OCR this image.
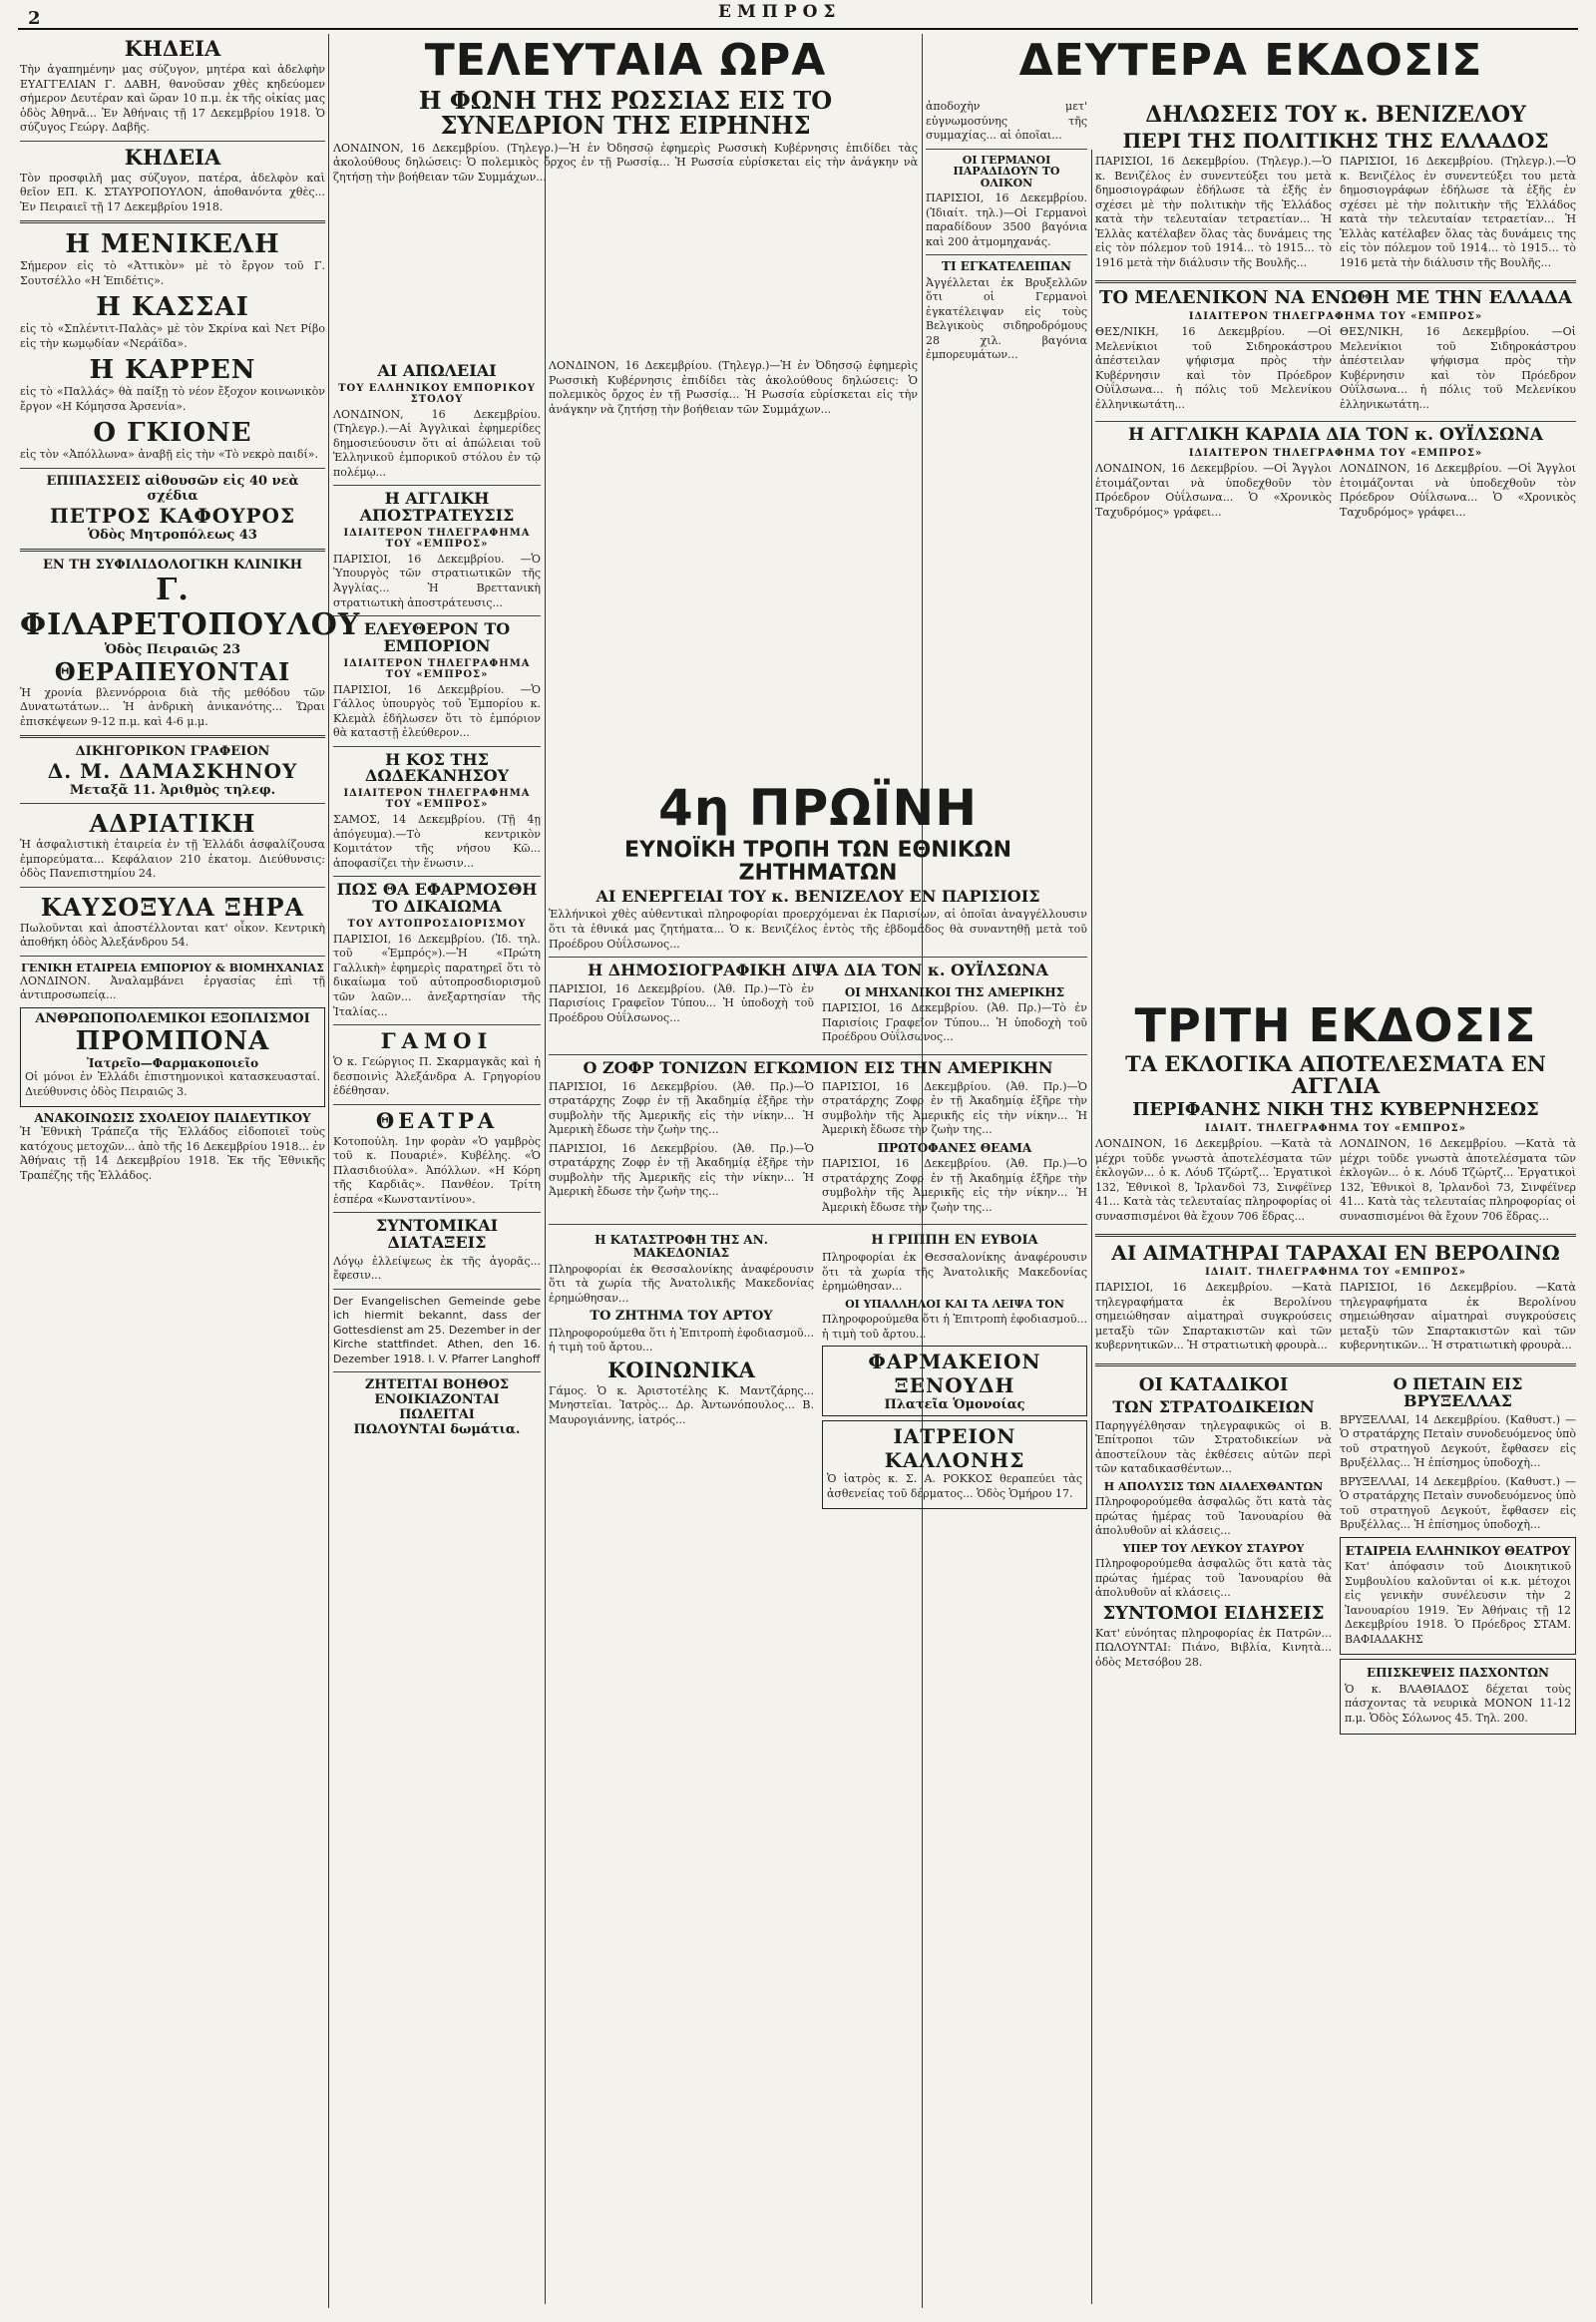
2	ΕΜΠΡΟΣ
ΚΗΔΕΙΑ

Τὴν ἀγαπημένην μας σύζυγον, μητέρα καὶ ἀδελφὴν ΕΥΑΓΓΕΛΙΑΝ Γ. ΔΑΒΗ, θανοῦσαν χθὲς κηδεύομεν σήμερον Δευτέραν καὶ ὥραν 10 π.μ. ἐκ τῆς οἰκίας μας ὁδὸς Ἀθηνᾶ... Ἐν Ἀθήναις τῇ 17 Δεκεμβρίου 1918. Ὁ σύζυγος Γεώργ. Δαβῆς.

ΚΗΔΕΙΑ

Τὸν προσφιλῆ μας σύζυγον, πατέρα, ἀδελφὸν καὶ θεῖον ΕΠ. Κ. ΣΤΑΥΡΟΠΟΥΛΟΝ, ἀποθανόντα χθὲς... Ἐν Πειραιεῖ τῇ 17 Δεκεμβρίου 1918.

Η ΜΕΝΙΚΕΛΗ

Σήμερον εἰς τὸ «Ἀττικὸν» μὲ τὸ ἔργον τοῦ Γ. Σουτσέλλο «Η Ἐπιδέτις».

Η ΚΑΣΣΑΙ

εἰς τὸ «Σπλέντιτ-Παλὰς» μὲ τὸν Σκρίνα καὶ Νετ Ρίβο εἰς τὴν κωμῳδίαν «Νεράϊδα».

Η ΚΑΡΡΕΝ

εἰς τὸ «Παλλάς» θὰ παίξῃ τὸ νέον ἔξοχον κοινωνικὸν ἔργον «Η Κόμησσα Ἀρσενία».

Ο ΓΚΙΟΝΕ

εἰς τὸν «Ἀπόλλωνα» ἀναβῇ εἰς τὴν «Τὸ νεκρὸ παιδί».

ΕΠΙΠΑΣΣΕΙΣ αἰθουσῶν εἰς 40 νεὰ σχέδια
ΠΕΤΡΟΣ ΚΑΦΟΥΡΟΣ
Ὁδὸς Μητροπόλεως 43
ΕΝ ΤΗ ΣΥΦΙΛΙΔΟΛΟΓΙΚΗ ΚΛΙΝΙΚΗ
Γ. ΦΙΛΑΡΕΤΟΠΟΥΛΟΥ
Ὁδὸς Πειραιῶς 23
ΘΕΡΑΠΕΥΟΝΤΑΙ

Ἡ χρονία βλεννόρροια διὰ τῆς μεθόδου τῶν Δυνατωτάτων... Ἡ ἀνδρικὴ ἀνικανότης... Ὥραι ἐπισκέψεων 9-12 π.μ. καὶ 4-6 μ.μ.

ΔΙΚΗΓΟΡΙΚΟΝ ΓΡΑΦΕΙΟΝ
Δ. Μ. ΔΑΜΑΣΚΗΝΟΥ
Μεταξᾶ 11. Ἀριθμὸς τηλεφ.
ΑΔΡΙΑΤΙΚΗ

Ἡ ἀσφαλιστικὴ ἑταιρεία ἐν τῇ Ἑλλάδι ἀσφαλίζουσα ἐμπορεύματα... Κεφάλαιον 210 ἑκατομ. Διεύθυνσις: ὁδὸς Πανεπιστημίου 24.

ΚΑΥΣΟΞΥΛΑ ΞΗΡΑ

Πωλοῦνται καὶ ἀποστέλλονται κατ' οἶκον. Κεντρικὴ ἀποθήκη ὁδὸς Ἀλεξάνδρου 54.

ΓΕΝΙΚΗ ΕΤΑΙΡΕΙΑ ΕΜΠΟΡΙΟΥ & ΒΙΟΜΗΧΑΝΙΑΣ

ΛΟΝΔΙΝΟΝ. Ἀναλαμβάνει ἐργασίας ἐπὶ τῇ ἀντιπροσωπείᾳ...

ΑΝΘΡΩΠΟΠΟΛΕΜΙΚΟΙ ΕΞΟΠΛΙΣΜΟΙ
ΠΡΟΜΠΟΝΑ
Ἰατρεῖο—Φαρμακοποιεῖο

Οἱ μόνοι ἐν Ἑλλάδι ἐπιστημονικοὶ κατασκευασταί. Διεύθυνσις ὁδὸς Πειραιῶς 3.

ΑΝΑΚΟΙΝΩΣΙΣ ΣΧΟΛΕΙΟΥ ΠΑΙΔΕΥΤΙΚΟΥ

Ἡ Ἐθνικὴ Τράπεζα τῆς Ἑλλάδος εἰδοποιεῖ τοὺς κατόχους μετοχῶν... ἀπὸ τῆς 16 Δεκεμβρίου 1918... ἐν Ἀθήναις τῇ 14 Δεκεμβρίου 1918. Ἐκ τῆς Ἐθνικῆς Τραπέζης τῆς Ἑλλάδος.

ΤΕΛΕΥΤΑΙΑ ΩΡΑ
Η ΦΩΝΗ ΤΗΣ ΡΩΣΣΙΑΣ ΕΙΣ ΤΟ ΣΥΝΕΔΡΙΟΝ ΤΗΣ ΕΙΡΗΝΗΣ

ΛΟΝΔΙΝΟΝ, 16 Δεκεμβρίου. (Τηλεγρ.)—Ἡ ἐν Ὀδησσῷ ἐφημερὶς Ρωσσικὴ Κυβέρνησις ἐπιδίδει τὰς ἀκολούθους δηλώσεις: Ὁ πολεμικὸς ὄρχος ἐν τῇ Ρωσσίᾳ... Ἡ Ρωσσία εὑρίσκεται εἰς τὴν ἀνάγκην νὰ ζητήσῃ τὴν βοήθειαν τῶν Συμμάχων...

ΑΙ ΑΠΩΛΕΙΑΙ
ΤΟΥ ΕΛΛΗΝΙΚΟΥ ΕΜΠΟΡΙΚΟΥ ΣΤΟΛΟΥ

ΛΟΝΔΙΝΟΝ, 16 Δεκεμβρίου. (Τηλεγρ.).—Αἱ Ἀγγλικαὶ ἐφημερίδες δημοσιεύουσιν ὅτι αἱ ἀπώλειαι τοῦ Ἑλληνικοῦ ἐμπορικοῦ στόλου ἐν τῷ πολέμῳ...

Η ΑΓΓΛΙΚΗ ΑΠΟΣΤΡΑΤΕΥΣΙΣ
ΙΔΙΑΙΤΕΡΟΝ ΤΗΛΕΓΡΑΦΗΜΑ ΤΟΥ «ΕΜΠΡΟΣ»

ΠΑΡΙΣΙΟΙ, 16 Δεκεμβρίου. —Ὁ Ὑπουργὸς τῶν στρατιωτικῶν τῆς Ἀγγλίας... Ἡ Βρεττανικὴ στρατιωτικὴ ἀποστράτευσις...

ΕΛΕΥΘΕΡΟΝ ΤΟ ΕΜΠΟΡΙΟΝ
ΙΔΙΑΙΤΕΡΟΝ ΤΗΛΕΓΡΑΦΗΜΑ ΤΟΥ «ΕΜΠΡΟΣ»

ΠΑΡΙΣΙΟΙ, 16 Δεκεμβρίου. —Ὁ Γάλλος ὑπουργὸς τοῦ Ἐμπορίου κ. Κλεμὰλ ἐδήλωσεν ὅτι τὸ ἐμπόριον θὰ καταστῇ ἐλεύθερον...

Η ΚΟΣ ΤΗΣ ΔΩΔΕΚΑΝΗΣΟΥ
ΙΔΙΑΙΤΕΡΟΝ ΤΗΛΕΓΡΑΦΗΜΑ ΤΟΥ «ΕΜΠΡΟΣ»

ΣΑΜΟΣ, 14 Δεκεμβρίου. (Τῇ 4ῃ ἀπόγευμα).—Τὸ κεντρικὸν Κομιτάτον τῆς νήσου Κῶ... ἀποφασίζει τὴν ἕνωσιν...

ΠΩΣ ΘΑ ΕΦΑΡΜΟΣΘΗ ΤΟ ΔΙΚΑΙΩΜΑ
ΤΟΥ ΑΥΤΟΠΡΟΣΔΙΟΡΙΣΜΟΥ

ΠΑΡΙΣΙΟΙ, 16 Δεκεμβρίου. (Ἰδ. τηλ. τοῦ «Ἐμπρός»).—Ἡ «Πρώτη Γαλλικὴ» ἐφημερὶς παρατηρεῖ ὅτι τὸ δικαίωμα τοῦ αὐτοπροσδιορισμοῦ τῶν λαῶν... ἀνεξαρτησίαν τῆς Ἰταλίας...

ΓΑΜΟΙ

Ὁ κ. Γεώργιος Π. Σκαρμαγκᾶς καὶ ἡ δεσποινὶς Ἀλεξάνδρα Α. Γρηγορίου ἐδέθησαν.

ΘΕΑΤΡΑ

Κοτοπούλη. 1ην φορὰν «Ὁ γαμβρὸς τοῦ κ. Πουαριέ». Κυβέλης. «Ὁ Πλασιδιούλα». Ἀπόλλων. «Η Κόρη τῆς Καρδιᾶς». Πανθέον. Τρίτη ἑσπέρα «Κωνσταντίνου».

ΣΥΝΤΟΜΙΚΑΙ ΔΙΑΤΑΞΕΙΣ

Λόγῳ ἐλλείψεως ἐκ τῆς ἀγορᾶς... ἔφεσιν...

Der Evangelischen Gemeinde gebe ich hiermit bekannt, dass der Gottesdienst am 25. Dezember in der Kirche stattfindet. Athen, den 16. Dezember 1918. I. V. Pfarrer Langhoff

ΖΗΤΕΙΤΑΙ ΒΟΗΘΟΣ
ΕΝΟΙΚΙΑΖΟΝΤΑΙ
ΠΩΛΕΙΤΑΙ
ΠΩΛΟΥΝΤΑΙ δωμάτια.

ΛΟΝΔΙΝΟΝ, 16 Δεκεμβρίου. (Τηλεγρ.)—Ἡ ἐν Ὀδησσῷ ἐφημερὶς Ρωσσικὴ Κυβέρνησις ἐπιδίδει τὰς ἀκολούθους δηλώσεις: Ὁ πολεμικὸς ὄρχος ἐν τῇ Ρωσσίᾳ... Ἡ Ρωσσία εὑρίσκεται εἰς τὴν ἀνάγκην νὰ ζητήσῃ τὴν βοήθειαν τῶν Συμμάχων...

4η ΠΡΩΪΝΗ
ΕΥΝΟΪΚΗ ΤΡΟΠΗ ΤΩΝ ΕΘΝΙΚΩΝ ΖΗΤΗΜΑΤΩΝ
ΑΙ ΕΝΕΡΓΕΙΑΙ ΤΟΥ κ. ΒΕΝΙΖΕΛΟΥ ΕΝ ΠΑΡΙΣΙΟΙΣ

Ἑλλήνικοὶ χθὲς αὐθεντικαὶ πληροφορίαι προερχόμεναι ἐκ Παρισίων, αἱ ὁποῖαι ἀναγγέλλουσιν ὅτι τὰ ἐθνικά μας ζητήματα... Ὁ κ. Βενιζέλος ἐντὸς τῆς ἐβδομάδος θὰ συναντηθῇ μετὰ τοῦ Προέδρου Οὐΐλσωνος...

Η ΔΗΜΟΣΙΟΓΡΑΦΙΚΗ ΔΙΨΑ ΔΙΑ ΤΟΝ κ. ΟΥΪΛΣΩΝΑ

ΠΑΡΙΣΙΟΙ, 16 Δεκεμβρίου. (Ἀθ. Πρ.)—Τὸ ἐν Παρισίοις Γραφεῖον Τύπου... Ἡ ὑποδοχὴ τοῦ Προέδρου Οὐΐλσωνος...

ΟΙ ΜΗΧΑΝΙΚΟΙ ΤΗΣ ΑΜΕΡΙΚΗΣ

ΠΑΡΙΣΙΟΙ, 16 Δεκεμβρίου. (Ἀθ. Πρ.)—Τὸ ἐν Παρισίοις Γραφεῖον Τύπου... Ἡ ὑποδοχὴ τοῦ Προέδρου Οὐΐλσωνος...

Ο ΖΟΦΡ ΤΟΝΙΖΩΝ ΕΓΚΩΜΙΟΝ ΕΙΣ ΤΗΝ ΑΜΕΡΙΚΗΝ

ΠΑΡΙΣΙΟΙ, 16 Δεκεμβρίου. (Ἀθ. Πρ.)—Ὁ στρατάρχης Ζοφρ ἐν τῇ Ἀκαδημίᾳ ἐξῆρε τὴν συμβολὴν τῆς Ἀμερικῆς εἰς τὴν νίκην... Ἡ Ἀμερικὴ ἔδωσε τὴν ζωὴν της...

ΠΑΡΙΣΙΟΙ, 16 Δεκεμβρίου. (Ἀθ. Πρ.)—Ὁ στρατάρχης Ζοφρ ἐν τῇ Ἀκαδημίᾳ ἐξῆρε τὴν συμβολὴν τῆς Ἀμερικῆς εἰς τὴν νίκην... Ἡ Ἀμερικὴ ἔδωσε τὴν ζωὴν της...

ΠΑΡΙΣΙΟΙ, 16 Δεκεμβρίου. (Ἀθ. Πρ.)—Ὁ στρατάρχης Ζοφρ ἐν τῇ Ἀκαδημίᾳ ἐξῆρε τὴν συμβολὴν τῆς Ἀμερικῆς εἰς τὴν νίκην... Ἡ Ἀμερικὴ ἔδωσε τὴν ζωὴν της...

ΠΡΩΤΟΦΑΝΕΣ ΘΕΑΜΑ

ΠΑΡΙΣΙΟΙ, 16 Δεκεμβρίου. (Ἀθ. Πρ.)—Ὁ στρατάρχης Ζοφρ ἐν τῇ Ἀκαδημίᾳ ἐξῆρε τὴν συμβολὴν τῆς Ἀμερικῆς εἰς τὴν νίκην... Ἡ Ἀμερικὴ ἔδωσε τὴν ζωὴν της...

Η ΚΑΤΑΣΤΡΟΦΗ ΤΗΣ ΑΝ. ΜΑΚΕΔΟΝΙΑΣ

Πληροφορίαι ἐκ Θεσσαλονίκης ἀναφέρουσιν ὅτι τὰ χωρία τῆς Ἀνατολικῆς Μακεδονίας ἐρημώθησαν...

ΤΟ ΖΗΤΗΜΑ ΤΟΥ ΑΡΤΟΥ

Πληροφορούμεθα ὅτι ἡ Ἐπιτροπὴ ἐφοδιασμοῦ... ἡ τιμὴ τοῦ ἄρτου...

ΚΟΙΝΩΝΙΚΑ

Γάμος. Ὁ κ. Ἀριστοτέλης Κ. Μαντζάρης... Μνηστεῖαι. Ἰατρὸς... Δρ. Ἀντωνόπουλος... Β. Μαυρογιάννης, ἰατρός...

Η ΓΡΙΠΠΗ ΕΝ ΕΥΒΟΙΑ

Πληροφορίαι ἐκ Θεσσαλονίκης ἀναφέρουσιν ὅτι τὰ χωρία τῆς Ἀνατολικῆς Μακεδονίας ἐρημώθησαν...

ΟΙ ΥΠΑΛΛΗΛΟΙ ΚΑΙ ΤΑ ΛΕΙΨΑ ΤΟΝ

Πληροφορούμεθα ὅτι ἡ Ἐπιτροπὴ ἐφοδιασμοῦ... ἡ τιμὴ τοῦ ἄρτου...

ΦΑΡΜΑΚΕΙΟΝ ΞΕΝΟΥΔΗ
Πλατεῖα Ὁμονοίας
ΙΑΤΡΕΙΟΝ ΚΑΛΛΟΝΗΣ

Ὁ ἰατρὸς κ. Σ. Α. ΡΟΚΚΟΣ θεραπεύει τὰς ἀσθενείας τοῦ δέρματος... Ὁδὸς Ὁμήρου 17.

ΔΕΥΤΕΡΑ ΕΚΔΟΣΙΣ

ἀποδοχὴν μετ' εὐγνωμοσύνης τῆς συμμαχίας... αἱ ὁποῖαι...

ΟΙ ΓΕΡΜΑΝΟΙ ΠΑΡΑΔΙΔΟΥΝ ΤΟ ΟΛΙΚΟΝ

ΠΑΡΙΣΙΟΙ, 16 Δεκεμβρίου. (Ἰδιαίτ. τηλ.)—Οἱ Γερμανοὶ παραδίδουν 3500 βαγόνια καὶ 200 ἀτμομηχανάς.

ΤΙ ΕΓΚΑΤΕΛΕΙΠΑΝ

Ἀγγέλλεται ἐκ Βρυξελλῶν ὅτι οἱ Γερμανοὶ ἐγκατέλειψαν εἰς τοὺς Βελγικοὺς σιδηροδρόμους 28 χιλ. βαγόνια ἐμπορευμάτων...

ΔΗΛΩΣΕΙΣ ΤΟΥ κ. ΒΕΝΙΖΕΛΟΥ
ΠΕΡΙ ΤΗΣ ΠΟΛΙΤΙΚΗΣ ΤΗΣ ΕΛΛΑΔΟΣ

ΠΑΡΙΣΙΟΙ, 16 Δεκεμβρίου. (Τηλεγρ.).—Ὁ κ. Βενιζέλος ἐν συνεντεύξει του μετὰ δημοσιογράφων ἐδήλωσε τὰ ἑξῆς ἐν σχέσει μὲ τὴν πολιτικὴν τῆς Ἑλλάδος κατὰ τὴν τελευταίαν τετραετίαν... Ἡ Ἑλλὰς κατέλαβεν ὅλας τὰς δυνάμεις της εἰς τὸν πόλεμον τοῦ 1914... τὸ 1915... τὸ 1916 μετὰ τὴν διάλυσιν τῆς Βουλῆς...

ΠΑΡΙΣΙΟΙ, 16 Δεκεμβρίου. (Τηλεγρ.).—Ὁ κ. Βενιζέλος ἐν συνεντεύξει του μετὰ δημοσιογράφων ἐδήλωσε τὰ ἑξῆς ἐν σχέσει μὲ τὴν πολιτικὴν τῆς Ἑλλάδος κατὰ τὴν τελευταίαν τετραετίαν... Ἡ Ἑλλὰς κατέλαβεν ὅλας τὰς δυνάμεις της εἰς τὸν πόλεμον τοῦ 1914... τὸ 1915... τὸ 1916 μετὰ τὴν διάλυσιν τῆς Βουλῆς...

ΤΟ ΜΕΛΕΝΙΚΟΝ ΝΑ ΕΝΩΘΗ ΜΕ ΤΗΝ ΕΛΛΑΔΑ
ΙΔΙΑΙΤΕΡΟΝ ΤΗΛΕΓΡΑΦΗΜΑ ΤΟΥ «ΕΜΠΡΟΣ»

ΘΕΣ/ΝΙΚΗ, 16 Δεκεμβρίου. —Οἱ Μελενίκιοι τοῦ Σιδηροκάστρου ἀπέστειλαν ψήφισμα πρὸς τὴν Κυβέρνησιν καὶ τὸν Πρόεδρον Οὐΐλσωνα... ἡ πόλις τοῦ Μελενίκου ἐλληνικωτάτη...

ΘΕΣ/ΝΙΚΗ, 16 Δεκεμβρίου. —Οἱ Μελενίκιοι τοῦ Σιδηροκάστρου ἀπέστειλαν ψήφισμα πρὸς τὴν Κυβέρνησιν καὶ τὸν Πρόεδρον Οὐΐλσωνα... ἡ πόλις τοῦ Μελενίκου ἐλληνικωτάτη...

Η ΑΓΓΛΙΚΗ ΚΑΡΔΙΑ ΔΙΑ ΤΟΝ κ. ΟΥΪΛΣΩΝΑ
ΙΔΙΑΙΤΕΡΟΝ ΤΗΛΕΓΡΑΦΗΜΑ ΤΟΥ «ΕΜΠΡΟΣ»

ΛΟΝΔΙΝΟΝ, 16 Δεκεμβρίου. —Οἱ Ἄγγλοι ἑτοιμάζονται νὰ ὑποδεχθοῦν τὸν Πρόεδρον Οὐΐλσωνα... Ὁ «Χρονικὸς Ταχυδρόμος» γράφει...

ΛΟΝΔΙΝΟΝ, 16 Δεκεμβρίου. —Οἱ Ἄγγλοι ἑτοιμάζονται νὰ ὑποδεχθοῦν τὸν Πρόεδρον Οὐΐλσωνα... Ὁ «Χρονικὸς Ταχυδρόμος» γράφει...

ΤΡΙΤΗ ΕΚΔΟΣΙΣ
ΤΑ ΕΚΛΟΓΙΚΑ ΑΠΟΤΕΛΕΣΜΑΤΑ ΕΝ ΑΓΓΛΙΑ
ΠΕΡΙΦΑΝΗΣ ΝΙΚΗ ΤΗΣ ΚΥΒΕΡΝΗΣΕΩΣ
ΙΔΙΑΙΤ. ΤΗΛΕΓΡΑΦΗΜΑ ΤΟΥ «ΕΜΠΡΟΣ»

ΛΟΝΔΙΝΟΝ, 16 Δεκεμβρίου. —Κατὰ τὰ μέχρι τοῦδε γνωστὰ ἀποτελέσματα τῶν ἐκλογῶν... ὁ κ. Λόυδ Τζώρτζ... Ἐργατικοὶ 132, Ἐθνικοὶ 8, Ἰρλανδοὶ 73, Σινφέϊνερ 41... Κατὰ τὰς τελευταίας πληροφορίας οἱ συνασπισμένοι θὰ ἔχουν 706 ἕδρας...

ΛΟΝΔΙΝΟΝ, 16 Δεκεμβρίου. —Κατὰ τὰ μέχρι τοῦδε γνωστὰ ἀποτελέσματα τῶν ἐκλογῶν... ὁ κ. Λόυδ Τζώρτζ... Ἐργατικοὶ 132, Ἐθνικοὶ 8, Ἰρλανδοὶ 73, Σινφέϊνερ 41... Κατὰ τὰς τελευταίας πληροφορίας οἱ συνασπισμένοι θὰ ἔχουν 706 ἕδρας...

ΑΙ ΑΙΜΑΤΗΡΑΙ ΤΑΡΑΧΑΙ ΕΝ ΒΕΡΟΛΙΝΩ
ΙΔΙΑΙΤ. ΤΗΛΕΓΡΑΦΗΜΑ ΤΟΥ «ΕΜΠΡΟΣ»

ΠΑΡΙΣΙΟΙ, 16 Δεκεμβρίου. —Κατὰ τηλεγραφήματα ἐκ Βερολίνου σημειώθησαν αἱματηραὶ συγκρούσεις μεταξὺ τῶν Σπαρτακιστῶν καὶ τῶν κυβερνητικῶν... Ἡ στρατιωτικὴ φρουρὰ...

ΠΑΡΙΣΙΟΙ, 16 Δεκεμβρίου. —Κατὰ τηλεγραφήματα ἐκ Βερολίνου σημειώθησαν αἱματηραὶ συγκρούσεις μεταξὺ τῶν Σπαρτακιστῶν καὶ τῶν κυβερνητικῶν... Ἡ στρατιωτικὴ φρουρὰ...

ΟΙ ΚΑΤΑΔΙΚΟΙ
ΤΩΝ ΣΤΡΑΤΟΔΙΚΕΙΩΝ

Παρηγγέλθησαν τηλεγραφικῶς οἱ Β. Ἐπίτροποι τῶν Στρατοδικείων νὰ ἀποστείλουν τὰς ἐκθέσεις αὐτῶν περὶ τῶν καταδικασθέντων...

Η ΑΠΟΛΥΣΙΣ ΤΩΝ ΔΙΑΛΕΧΘΑΝΤΩΝ

Πληροφορούμεθα ἀσφαλῶς ὅτι κατὰ τὰς πρώτας ἡμέρας τοῦ Ἰανουαρίου θὰ ἀπολυθοῦν αἱ κλάσεις...

ΥΠΕΡ ΤΟΥ ΛΕΥΚΟΥ ΣΤΑΥΡΟΥ

Πληροφορούμεθα ἀσφαλῶς ὅτι κατὰ τὰς πρώτας ἡμέρας τοῦ Ἰανουαρίου θὰ ἀπολυθοῦν αἱ κλάσεις...

ΣΥΝΤΟΜΟΙ ΕΙΔΗΣΕΙΣ

Κατ' εὐνόητας πληροφορίας ἐκ Πατρῶν... ΠΩΛΟΥΝΤΑΙ: Πιάνο, Βιβλία, Κινητὰ... ὁδὸς Μετσόβου 28.

Ο ΠΕΤΑΙΝ ΕΙΣ ΒΡΥΞΕΛΛΑΣ

ΒΡΥΞΕΛΛΑΙ, 14 Δεκεμβρίου. (Καθυστ.) —Ὁ στρατάρχης Πεταὶν συνοδευόμενος ὑπὸ τοῦ στρατηγοῦ Δεγκούτ, ἔφθασεν εἰς Βρυξέλλας... Ἡ ἐπίσημος ὑποδοχὴ...

ΒΡΥΞΕΛΛΑΙ, 14 Δεκεμβρίου. (Καθυστ.) —Ὁ στρατάρχης Πεταὶν συνοδευόμενος ὑπὸ τοῦ στρατηγοῦ Δεγκούτ, ἔφθασεν εἰς Βρυξέλλας... Ἡ ἐπίσημος ὑποδοχὴ...

ΕΤΑΙΡΕΙΑ ΕΛΛΗΝΙΚΟΥ ΘΕΑΤΡΟΥ

Κατ' ἀπόφασιν τοῦ Διοικητικοῦ Συμβουλίου καλοῦνται οἱ κ.κ. μέτοχοι εἰς γενικὴν συνέλευσιν τὴν 2 Ἰανουαρίου 1919. Ἐν Ἀθήναις τῇ 12 Δεκεμβρίου 1918. Ὁ Πρόεδρος ΣΤΑΜ. ΒΑΦΙΑΔΑΚΗΣ

ΕΠΙΣΚΕΨΕΙΣ ΠΑΣΧΟΝΤΩΝ

Ὁ κ. ΒΛΑΘΙΑΔΟΣ δέχεται τοὺς πάσχοντας τὰ νευρικὰ ΜΟΝΟΝ 11-12 π.μ. Ὁδὸς Σόλωνος 45. Τηλ. 200.
